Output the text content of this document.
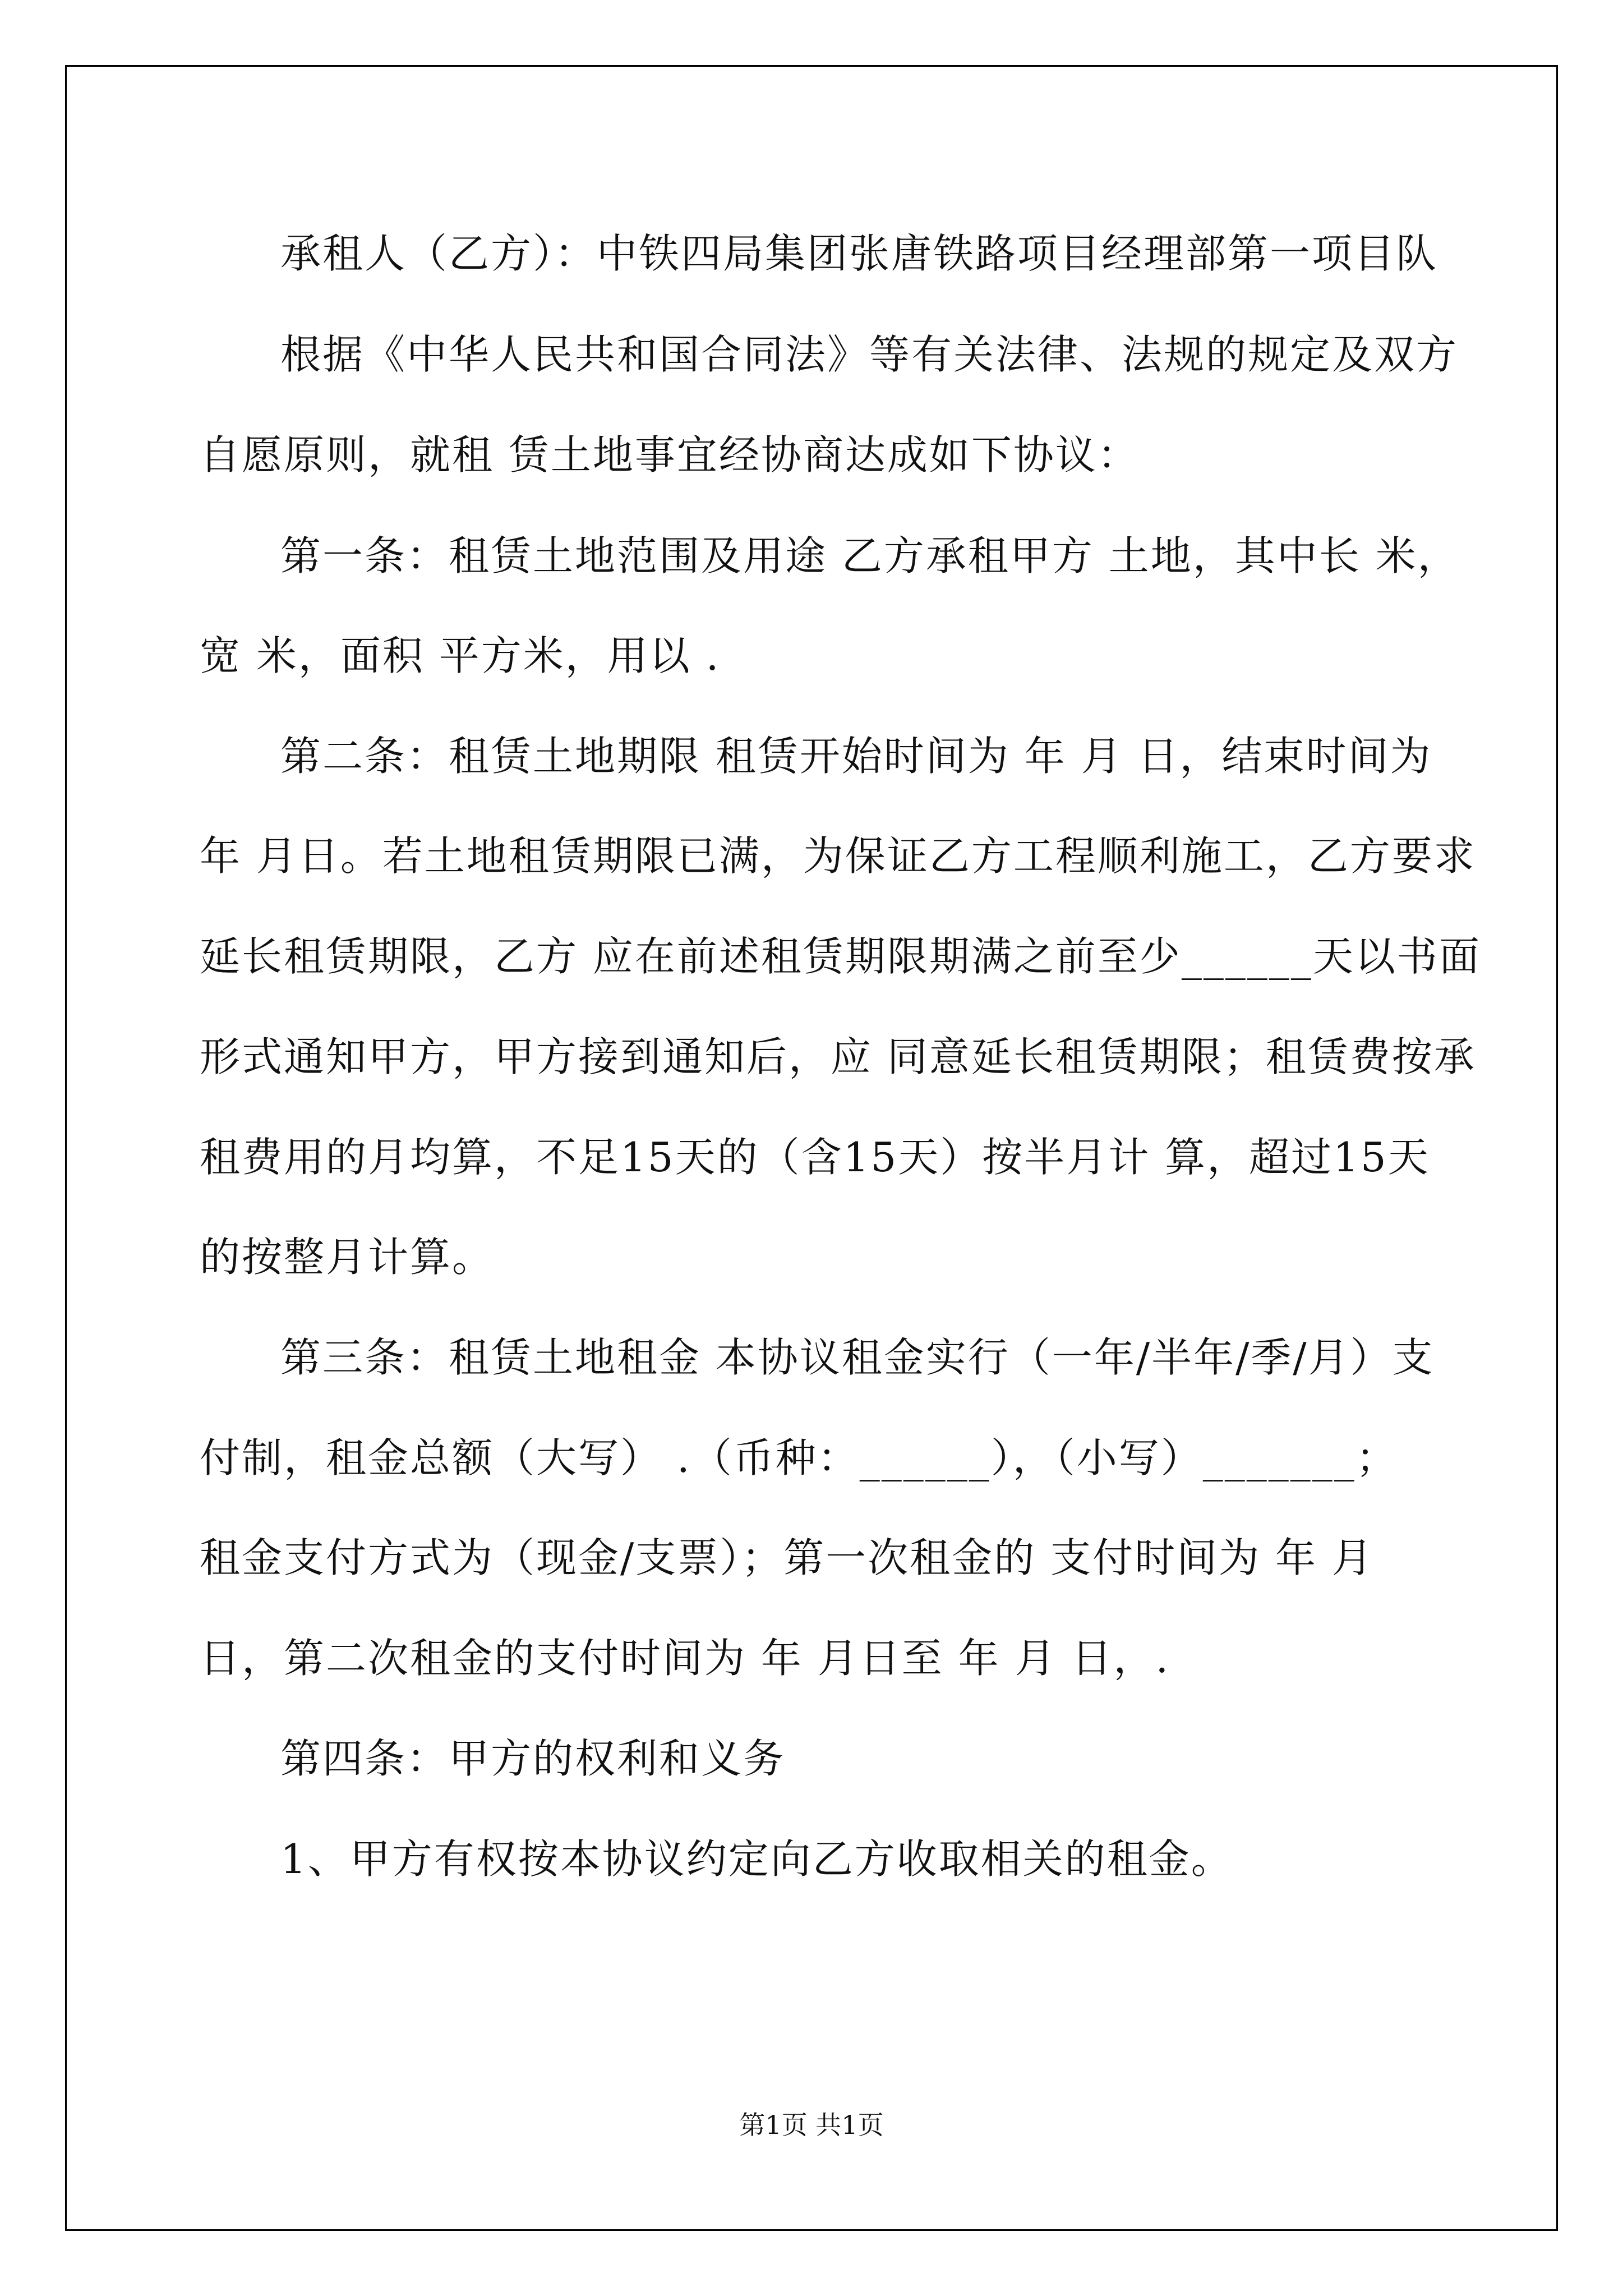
承租人（乙方）：中铁四局集团张唐铁路项目经理部第一项目队

根据《中华人民共和国合同法》等有关法律、法规的规定及双方

自愿原则，就租 赁土地事宜经协商达成如下协议：

第一条：租赁土地范围及用途 乙方承租甲方 土地，其中长 米，

宽 米，面积 平方米，用以 .

第二条：租赁土地期限 租赁开始时间为 年 月 日，结束时间为

年 月日。若土地租赁期限已满，为保证乙方工程顺利施工，乙方要求

延长租赁期限，乙方 应在前述租赁期限期满之前至少______天以书面

形式通知甲方，甲方接到通知后，应 同意延长租赁期限；租赁费按承

租费用的月均算，不足15天的（含15天）按半月计 算，超过15天

的按整月计算。

第三条：租赁土地租金 本协议租金实行（一年/半年/季/月）支

付制，租金总额（大写） .（币种：______），（小写）_______；

租金支付方式为（现金/支票）；第一次租金的 支付时间为 年 月

日，第二次租金的支付时间为 年 月日至 年 月 日，.

第四条：甲方的权利和义务

1、甲方有权按本协议约定向乙方收取相关的租金。

第1页 共1页
